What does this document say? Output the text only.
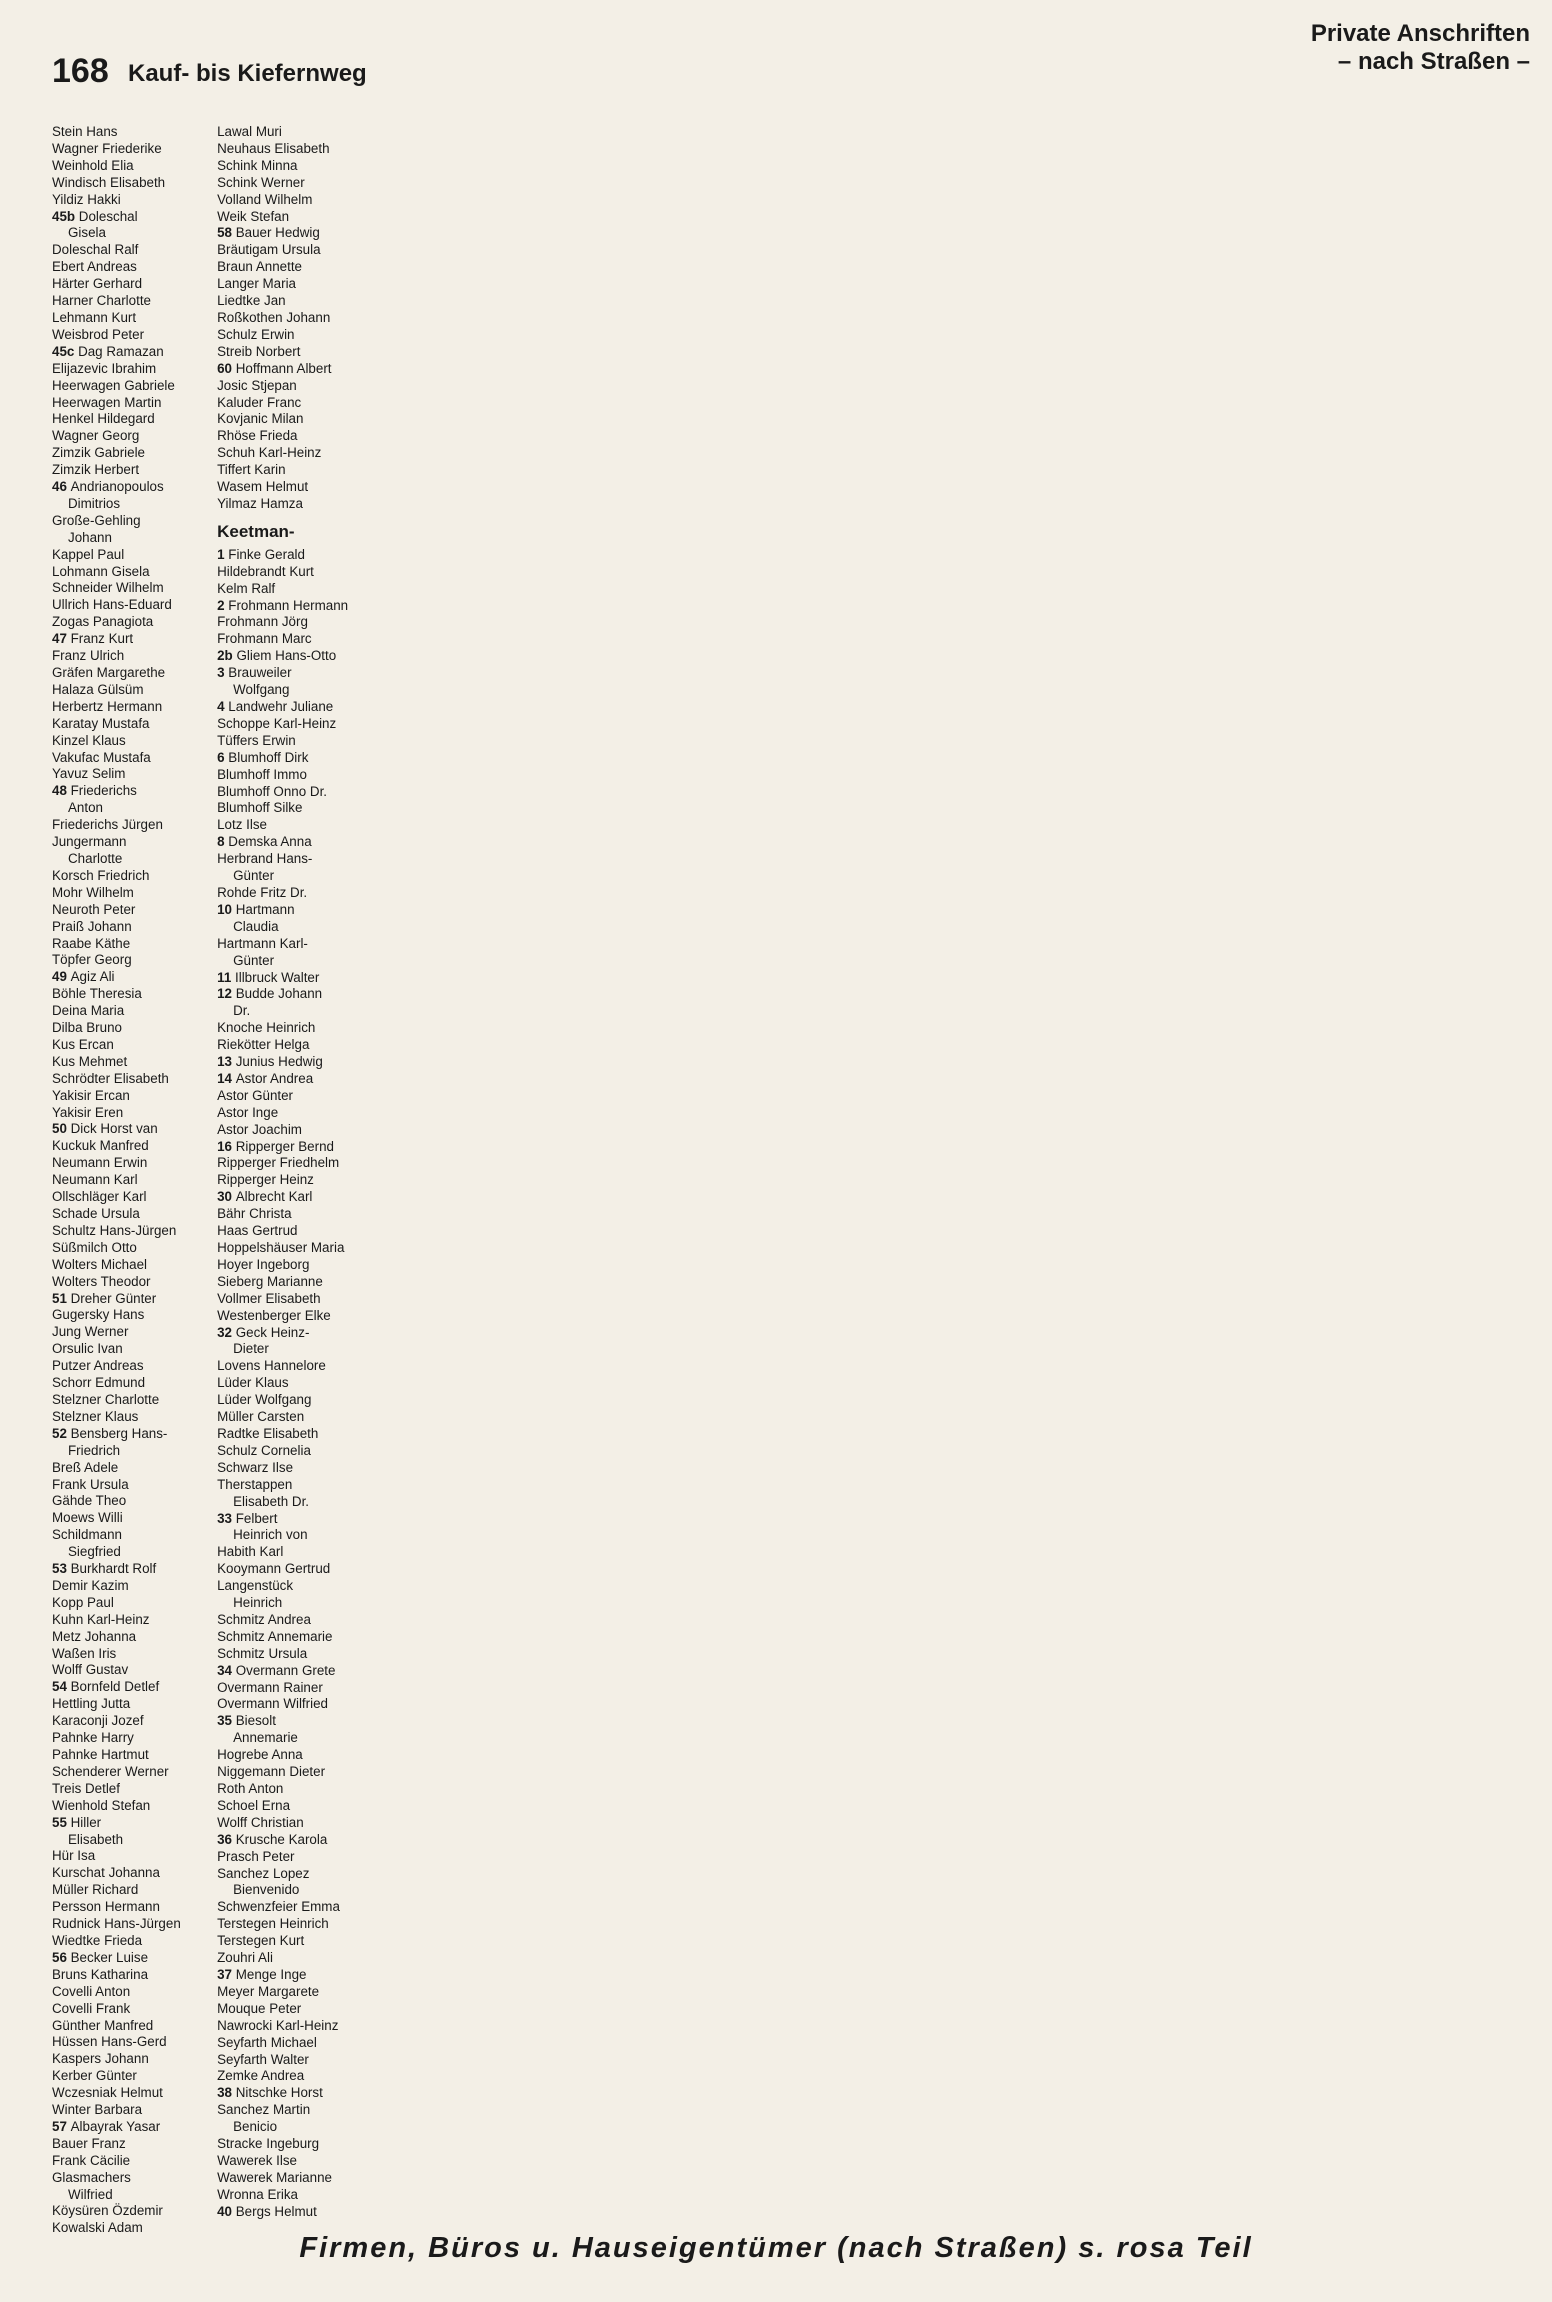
168 Kauf- bis Kiefernweg
Private Anschriften
– nach Straßen –
Stein Hans
Wagner Friederike
Weinhold Elia
Windisch Elisabeth
Yildiz Hakki
45b Doleschal
Gisela
Doleschal Ralf
Ebert Andreas
Härter Gerhard
Harner Charlotte
Lehmann Kurt
Weisbrod Peter
45c Dag Ramazan
Elijazevic Ibrahim
Heerwagen Gabriele
Heerwagen Martin
Henkel Hildegard
Wagner Georg
Zimzik Gabriele
Zimzik Herbert
46 Andrianopoulos
Dimitrios
Große-Gehling
Johann
Kappel Paul
Lohmann Gisela
Schneider Wilhelm
Ullrich Hans-Eduard
Zogas Panagiota
47 Franz Kurt
Franz Ulrich
Gräfen Margarethe
Halaza Gülsüm
Herbertz Hermann
Karatay Mustafa
Kinzel Klaus
Vakufac Mustafa
Yavuz Selim
48 Friederichs
Anton
Friederichs Jürgen
Jungermann
Charlotte
Korsch Friedrich
Mohr Wilhelm
Neuroth Peter
Praiß Johann
Raabe Käthe
Töpfer Georg
49 Agiz Ali
Böhle Theresia
Deina Maria
Dilba Bruno
Kus Ercan
Kus Mehmet
Schrödter Elisabeth
Yakisir Ercan
Yakisir Eren
50 Dick Horst van
Kuckuk Manfred
Neumann Erwin
Neumann Karl
Ollschläger Karl
Schade Ursula
Schultz Hans-Jürgen
Süßmilch Otto
Wolters Michael
Wolters Theodor
51 Dreher Günter
Gugersky Hans
Jung Werner
Orsulic Ivan
Putzer Andreas
Schorr Edmund
Stelzner Charlotte
Stelzner Klaus
52 Bensberg Hans-
Friedrich
Breß Adele
Frank Ursula
Gähde Theo
Moews Willi
Schildmann
Siegfried
53 Burkhardt Rolf
Demir Kazim
Kopp Paul
Kuhn Karl-Heinz
Metz Johanna
Waßen Iris
Wolff Gustav
54 Bornfeld Detlef
Hettling Jutta
Karaconji Jozef
Pahnke Harry
Pahnke Hartmut
Schenderer Werner
Treis Detlef
Wienhold Stefan
55 Hiller
Elisabeth
Hür Isa
Kurschat Johanna
Müller Richard
Persson Hermann
Rudnick Hans-Jürgen
Wiedtke Frieda
56 Becker Luise
Bruns Katharina
Covelli Anton
Covelli Frank
Günther Manfred
Hüssen Hans-Gerd
Kaspers Johann
Kerber Günter
Wczesniak Helmut
Winter Barbara
57 Albayrak Yasar
Bauer Franz
Frank Cäcilie
Glasmachers
Wilfried
Köysüren Özdemir
Kowalski Adam
Lawal Muri
Neuhaus Elisabeth
Schink Minna
Schink Werner
Volland Wilhelm
Weik Stefan
58 Bauer Hedwig
Bräutigam Ursula
Braun Annette
Langer Maria
Liedtke Jan
Roßkothen Johann
Schulz Erwin
Streib Norbert
60 Hoffmann Albert
Josic Stjepan
Kaluder Franc
Kovjanic Milan
Rhöse Frieda
Schuh Karl-Heinz
Tiffert Karin
Wasem Helmut
Yilmaz Hamza
Keetman-
1 Finke Gerald
Hildebrandt Kurt
Kelm Ralf
2 Frohmann Hermann
Frohmann Jörg
Frohmann Marc
2b Gliem Hans-Otto
3 Brauweiler
Wolfgang
4 Landwehr Juliane
Schoppe Karl-Heinz
Tüffers Erwin
6 Blumhoff Dirk
Blumhoff Immo
Blumhoff Onno Dr.
Blumhoff Silke
Lotz Ilse
8 Demska Anna
Herbrand Hans-
Günter
Rohde Fritz Dr.
10 Hartmann
Claudia
Hartmann Karl-
Günter
11 Illbruck Walter
12 Budde Johann
Dr.
Knoche Heinrich
Riekötter Helga
13 Junius Hedwig
14 Astor Andrea
Astor Günter
Astor Inge
Astor Joachim
16 Ripperger Bernd
Ripperger Friedhelm
Ripperger Heinz
30 Albrecht Karl
Bähr Christa
Haas Gertrud
Hoppelshäuser Maria
Hoyer Ingeborg
Sieberg Marianne
Vollmer Elisabeth
Westenberger Elke
32 Geck Heinz-
Dieter
Lovens Hannelore
Lüder Klaus
Lüder Wolfgang
Müller Carsten
Radtke Elisabeth
Schulz Cornelia
Schwarz Ilse
Therstappen
Elisabeth Dr.
33 Felbert
Heinrich von
Habith Karl
Kooymann Gertrud
Langenstück
Heinrich
Schmitz Andrea
Schmitz Annemarie
Schmitz Ursula
34 Overmann Grete
Overmann Rainer
Overmann Wilfried
35 Biesolt
Annemarie
Hogrebe Anna
Niggemann Dieter
Roth Anton
Schoel Erna
Wolff Christian
36 Krusche Karola
Prasch Peter
Sanchez Lopez
Bienvenido
Schwenzfeier Emma
Terstegen Heinrich
Terstegen Kurt
Zouhri Ali
37 Menge Inge
Meyer Margarete
Mouque Peter
Nawrocki Karl-Heinz
Seyfarth Michael
Seyfarth Walter
Zemke Andrea
38 Nitschke Horst
Sanchez Martin
Benicio
Stracke Ingeburg
Wawerek Ilse
Wawerek Marianne
Wronna Erika
40 Bergs Helmut
Firmen, Büros u. Hauseigentümer (nach Straßen) s. rosa Teil
